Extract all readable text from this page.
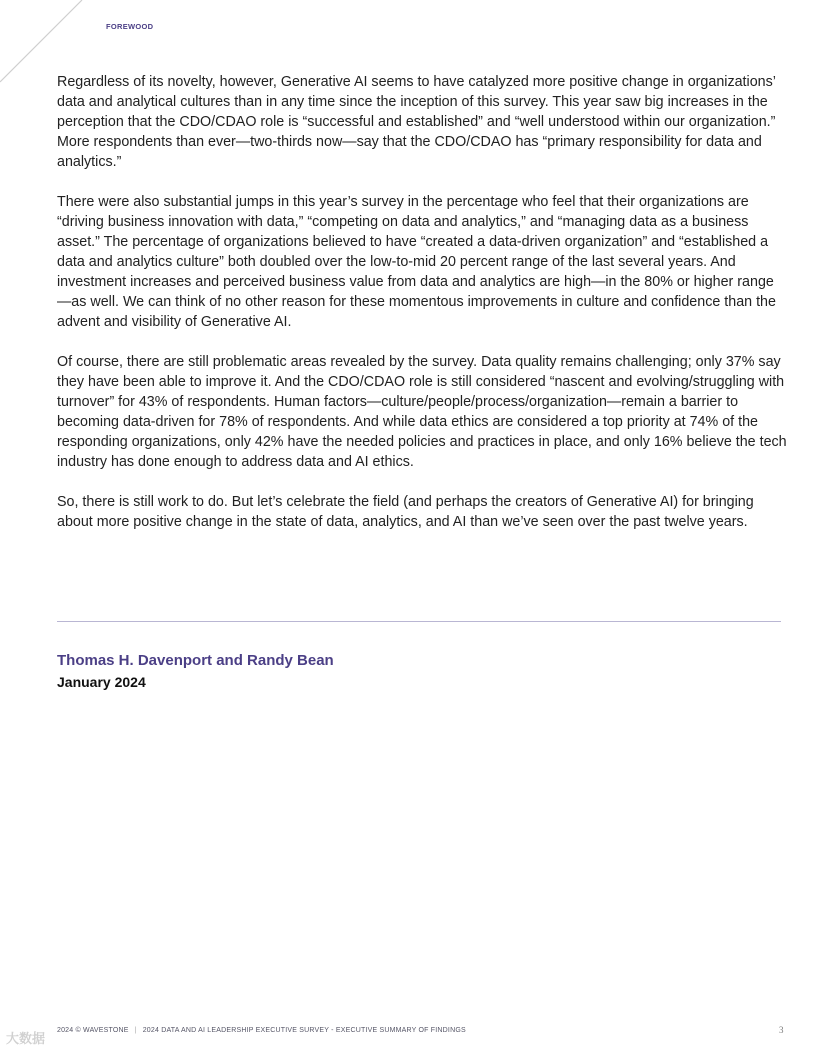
FOREWOOD

Regardless of its novelty, however, Generative AI seems to have catalyzed more positive change in organizations’ data and analytical cultures than in any time since the inception of this survey. This year saw big increases in the perception that the CDO/CDAO role is “successful and established” and “well understood within our organization.” More respondents than ever—two-thirds now—say that the CDO/CDAO has “primary responsibility for data and analytics.”

There were also substantial jumps in this year’s survey in the percentage who feel that their organizations are “driving business innovation with data,” “competing on data and analytics,” and “managing data as a business asset.” The percentage of organizations believed to have “created a data-driven organization” and “established a data and analytics culture” both doubled over the low-to-mid 20 percent range of the last several years. And investment increases and perceived business value from data and analytics are high—in the 80% or higher range—as well. We can think of no other reason for these momentous improvements in culture and confidence than the advent and visibility of Generative AI.

Of course, there are still problematic areas revealed by the survey. Data quality remains challenging; only 37% say they have been able to improve it. And the CDO/CDAO role is still considered “nascent and evolving/struggling with turnover” for 43% of respondents. Human factors—culture/people/process/organization—remain a barrier to becoming data-driven for 78% of respondents. And while data ethics are considered a top priority at 74% of the responding organizations, only 42% have the needed policies and practices in place, and only 16% believe the tech industry has done enough to address data and AI ethics.

So, there is still work to do. But let’s celebrate the field (and perhaps the creators of Generative AI) for bringing about more positive change in the state of data, analytics, and AI than we’ve seen over the past twelve years.

Thomas H. Davenport and Randy Bean
January 2024
大数据
2024 © WAVESTONE | 2024 DATA AND AI LEADERSHIP EXECUTIVE SURVEY - EXECUTIVE SUMMARY OF FINDINGS	3
